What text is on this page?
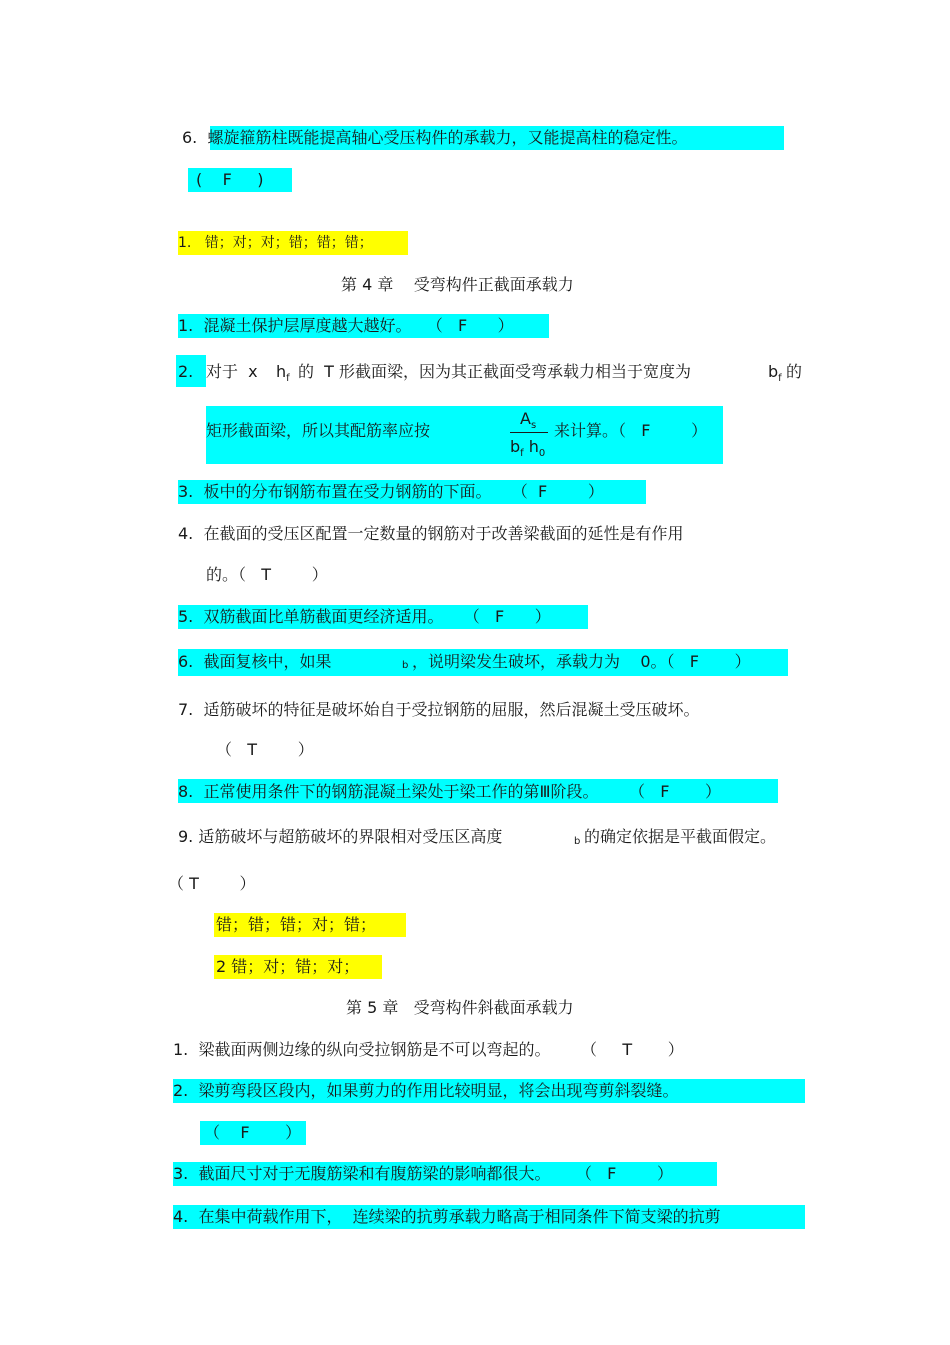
6.  螺旋箍筋柱既能提高轴心受压构件的承载力，又能提高柱的稳定性。
(    F     )
1.   错；对；对；错；错；错；
第 4 章    受弯构件正截面承载力
1.  混凝土保护层厚度越大越好。   （   F      ）
2. 对于  x $h_f$ 的  T 形截面梁，因为其正截面受弯承载力相当于宽度为	$b_f$ 的
矩形截面梁，所以其配筋率应按
$A_s$
$b_f$ $h_0$
来计算。（   F        ）
3.  板中的分布钢筋布置在受力钢筋的下面。    （  F        ）
4.  在截面的受压区配置一定数量的钢筋对于改善梁截面的延性是有作用
的。（   T        ）
5.  双筋截面比单筋截面更经济适用。    （   F      ）
6.  截面复核中，如果	b ，说明梁发生破坏，承载力为    0。（   F       ）
7.  适筋破坏的特征是破坏始自于受拉钢筋的屈服，然后混凝土受压破坏。
（   T        ）
8.  正常使用条件下的钢筋混凝土梁处于梁工作的第Ⅲ阶段。      （   F       ）
9. 适筋破坏与超筋破坏的界限相对受压区高度	b 的确定依据是平截面假定。
（ T        ）
错；错；错；对；错；
2 错；对；错；对；
第 5 章   受弯构件斜截面承载力
1.  梁截面两侧边缘的纵向受拉钢筋是不可以弯起的。      （     T       ）
2.  梁剪弯段区段内，如果剪力的作用比较明显，将会出现弯剪斜裂缝。
（    F       ）
3.  截面尺寸对于无腹筋梁和有腹筋梁的影响都很大。     （   F        ）
4.  在集中荷载作用下，  连续梁的抗剪承载力略高于相同条件下简支梁的抗剪
